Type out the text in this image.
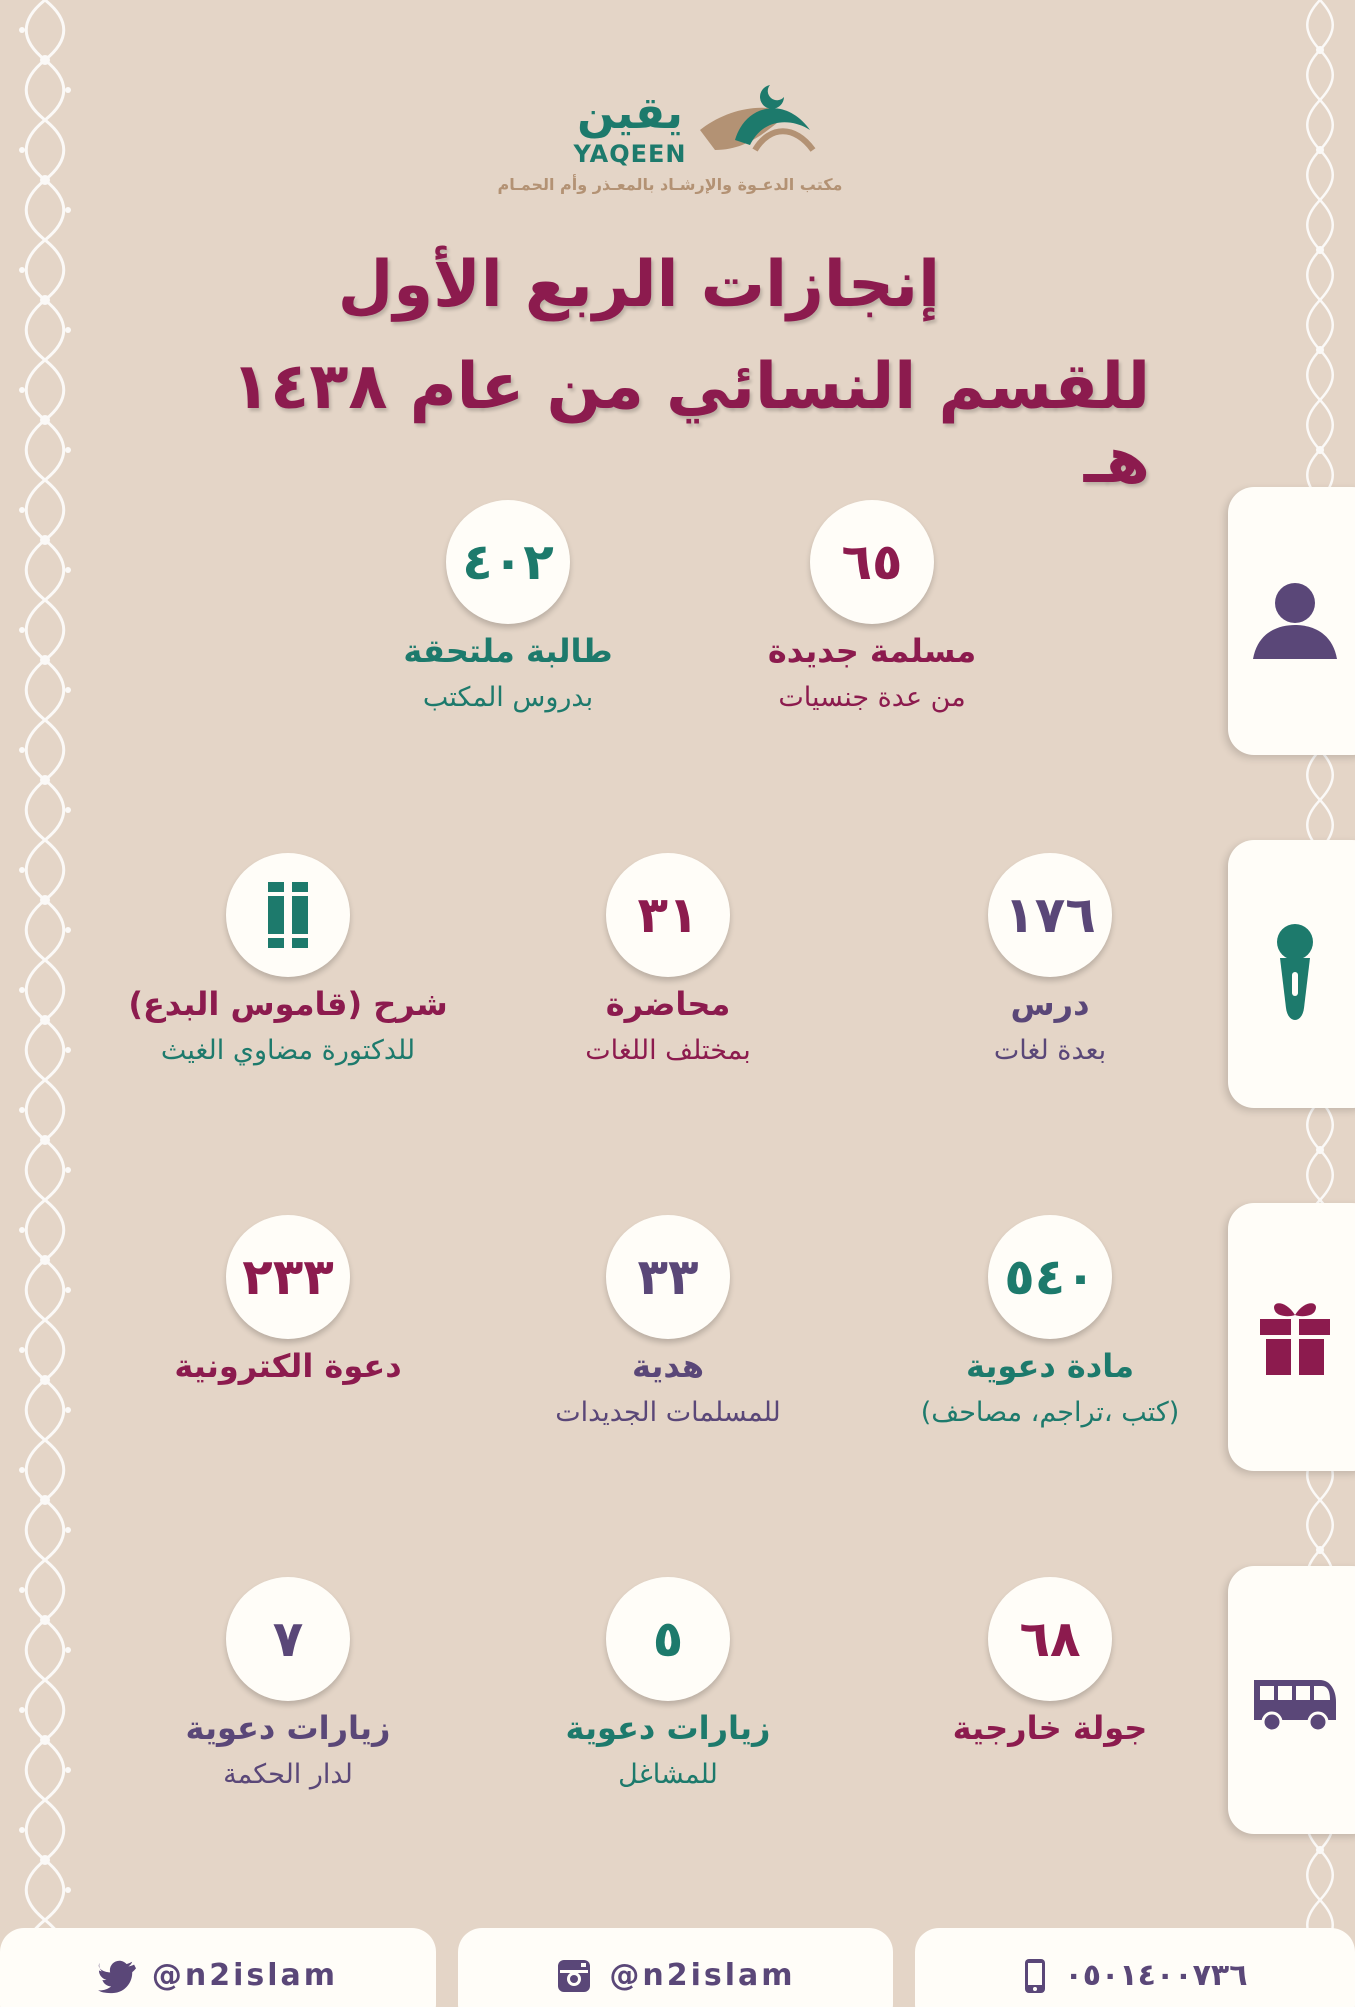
يقين
YAQEEN
مكتب الدعـوة والإرشـاد بالمعـذر وأم الحمـام
إنجازات الربع الأول
للقسم النسائي من عام ١٤٣٨ هـ
٦٥
مسلمة جديدة
من عدة جنسيات
٤٠٢
طالبة ملتحقة
بدروس المكتب
١٧٦
درس
بعدة لغات
٣١
محاضرة
بمختلف اللغات
شرح (قاموس البدع)
للدكتورة مضاوي الغيث
٥٤٠
مادة دعوية
(كتب ،تراجم، مصاحف)
٣٣
هدية
للمسلمات الجديدات
٢٣٣
دعوة الكترونية
٦٨
جولة خارجية
٥
زيارات دعوية
للمشاغل
٧
زيارات دعوية
لدار الحكمة
@n2islam	@n2islam	٠٥٠١٤٠٠٧٣٦
